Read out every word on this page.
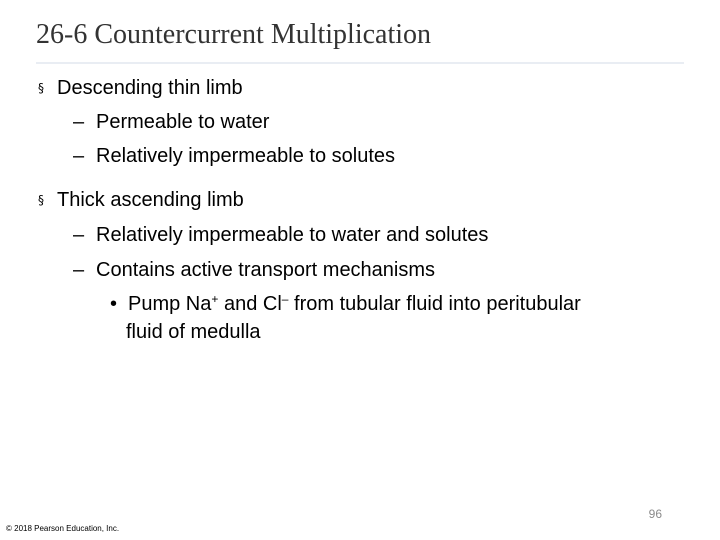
26-6 Countercurrent Multiplication
§ Descending thin limb
– Permeable to water
– Relatively impermeable to solutes
§ Thick ascending limb
– Relatively impermeable to water and solutes
– Contains active transport mechanisms
• Pump Na+ and Cl– from tubular fluid into peritubular
fluid of medulla
96
© 2018 Pearson Education, Inc.
